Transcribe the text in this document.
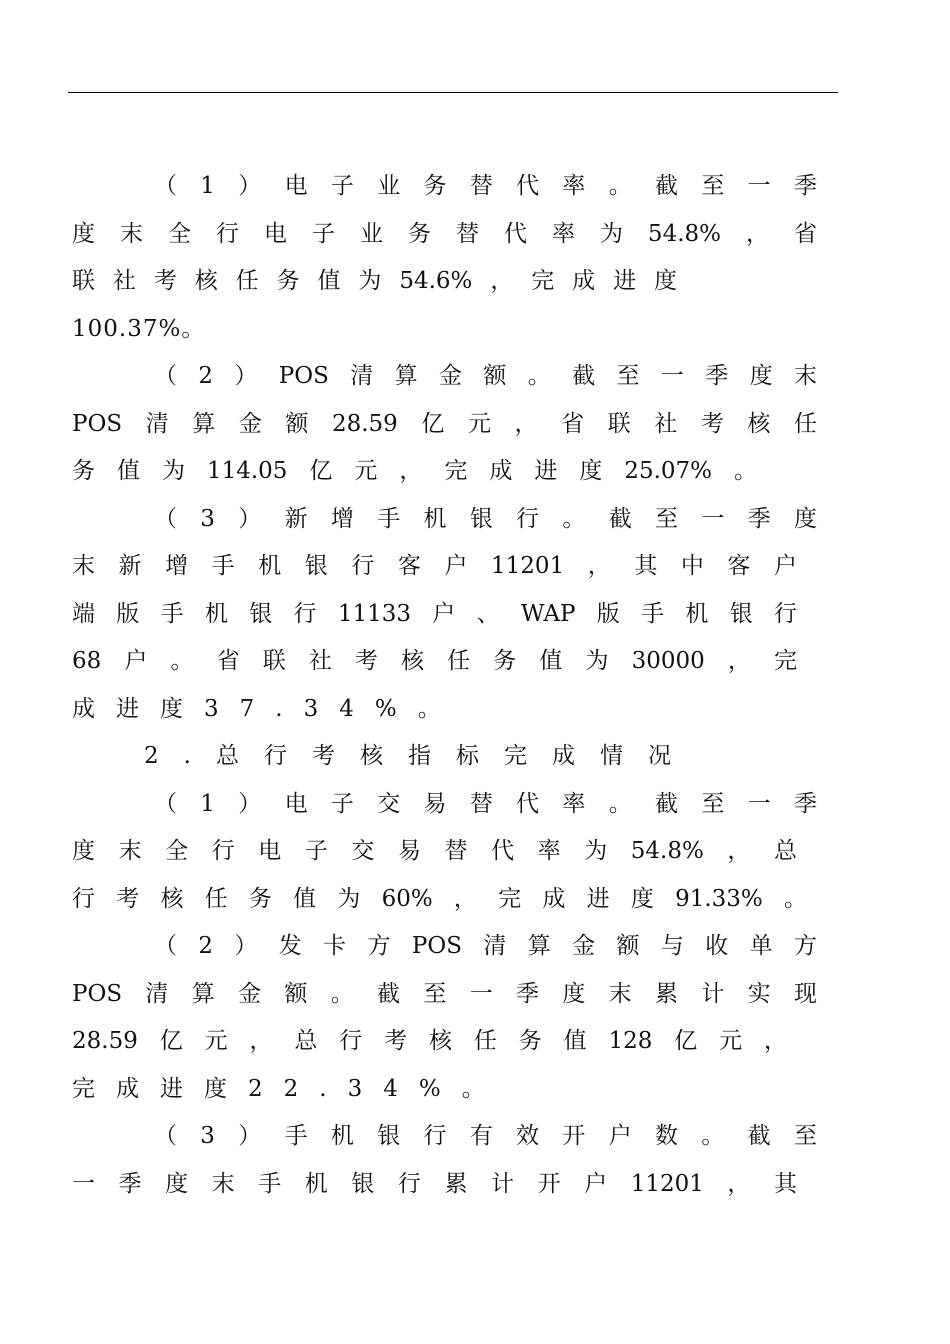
（1）电子业务替代率。截至一季
度末全行电子业务替代率为54.8%，省
联社考核任务值为54.6%，完成进度
100.37%。
（2）POS清算金额。截至一季度末
POS清算金额28.59亿元，省联社考核任
务值为114.05亿元，完成进度25.07%。
（3）新增手机银行。截至一季度
末新增手机银行客户11201，其中客户
端版手机银行11133户、WAP版手机银行
68户。省联社考核任务值为30000，完
成进度37.34%。
2.总行考核指标完成情况
（1）电子交易替代率。截至一季
度末全行电子交易替代率为54.8%，总
行考核任务值为60%，完成进度91.33%。
（2）发卡方POS清算金额与收单方
POS清算金额。截至一季度末累计实现
28.59亿元，总行考核任务值128亿元，
完成进度22.34%。
（3）手机银行有效开户数。截至
一季度末手机银行累计开户11201，其
